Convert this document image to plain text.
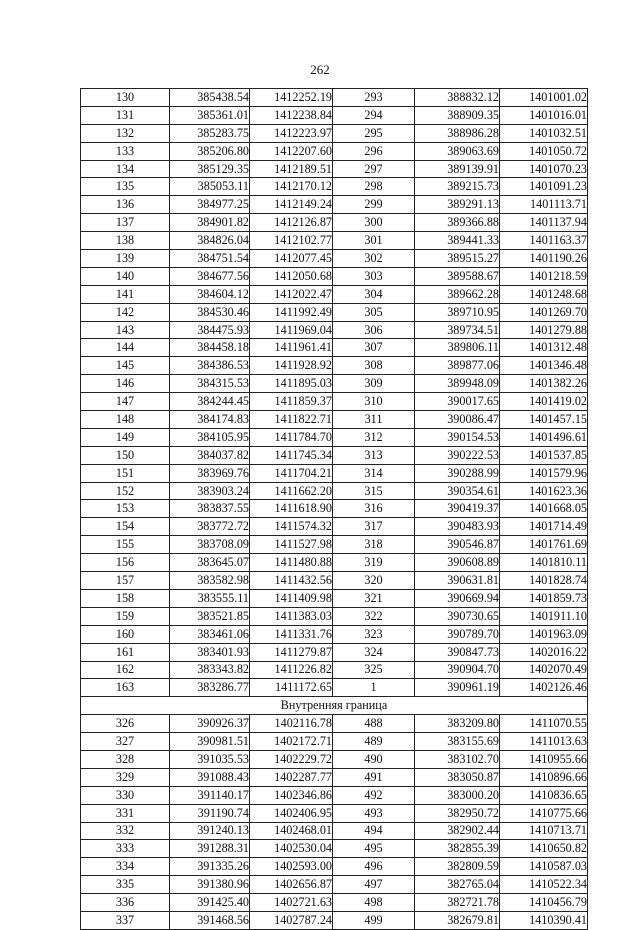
262
130	385438.54	1412252.19	293	388832.12	1401001.02
131	385361.01	1412238.84	294	388909.35	1401016.01
132	385283.75	1412223.97	295	388986.28	1401032.51
133	385206.80	1412207.60	296	389063.69	1401050.72
134	385129.35	1412189.51	297	389139.91	1401070.23
135	385053.11	1412170.12	298	389215.73	1401091.23
136	384977.25	1412149.24	299	389291.13	1401113.71
137	384901.82	1412126.87	300	389366.88	1401137.94
138	384826.04	1412102.77	301	389441.33	1401163.37
139	384751.54	1412077.45	302	389515.27	1401190.26
140	384677.56	1412050.68	303	389588.67	1401218.59
141	384604.12	1412022.47	304	389662.28	1401248.68
142	384530.46	1411992.49	305	389710.95	1401269.70
143	384475.93	1411969.04	306	389734.51	1401279.88
144	384458.18	1411961.41	307	389806.11	1401312.48
145	384386.53	1411928.92	308	389877.06	1401346.48
146	384315.53	1411895.03	309	389948.09	1401382.26
147	384244.45	1411859.37	310	390017.65	1401419.02
148	384174.83	1411822.71	311	390086.47	1401457.15
149	384105.95	1411784.70	312	390154.53	1401496.61
150	384037.82	1411745.34	313	390222.53	1401537.85
151	383969.76	1411704.21	314	390288.99	1401579.96
152	383903.24	1411662.20	315	390354.61	1401623.36
153	383837.55	1411618.90	316	390419.37	1401668.05
154	383772.72	1411574.32	317	390483.93	1401714.49
155	383708.09	1411527.98	318	390546.87	1401761.69
156	383645.07	1411480.88	319	390608.89	1401810.11
157	383582.98	1411432.56	320	390631.81	1401828.74
158	383555.11	1411409.98	321	390669.94	1401859.73
159	383521.85	1411383.03	322	390730.65	1401911.10
160	383461.06	1411331.76	323	390789.70	1401963.09
161	383401.93	1411279.87	324	390847.73	1402016.22
162	383343.82	1411226.82	325	390904.70	1402070.49
163	383286.77	1411172.65	1	390961.19	1402126.46
Внутренняя граница					
326	390926.37	1402116.78	488	383209.80	1411070.55
327	390981.51	1402172.71	489	383155.69	1411013.63
328	391035.53	1402229.72	490	383102.70	1410955.66
329	391088.43	1402287.77	491	383050.87	1410896.66
330	391140.17	1402346.86	492	383000.20	1410836.65
331	391190.74	1402406.95	493	382950.72	1410775.66
332	391240.13	1402468.01	494	382902.44	1410713.71
333	391288.31	1402530.04	495	382855.39	1410650.82
334	391335.26	1402593.00	496	382809.59	1410587.03
335	391380.96	1402656.87	497	382765.04	1410522.34
336	391425.40	1402721.63	498	382721.78	1410456.79
337	391468.56	1402787.24	499	382679.81	1410390.41
